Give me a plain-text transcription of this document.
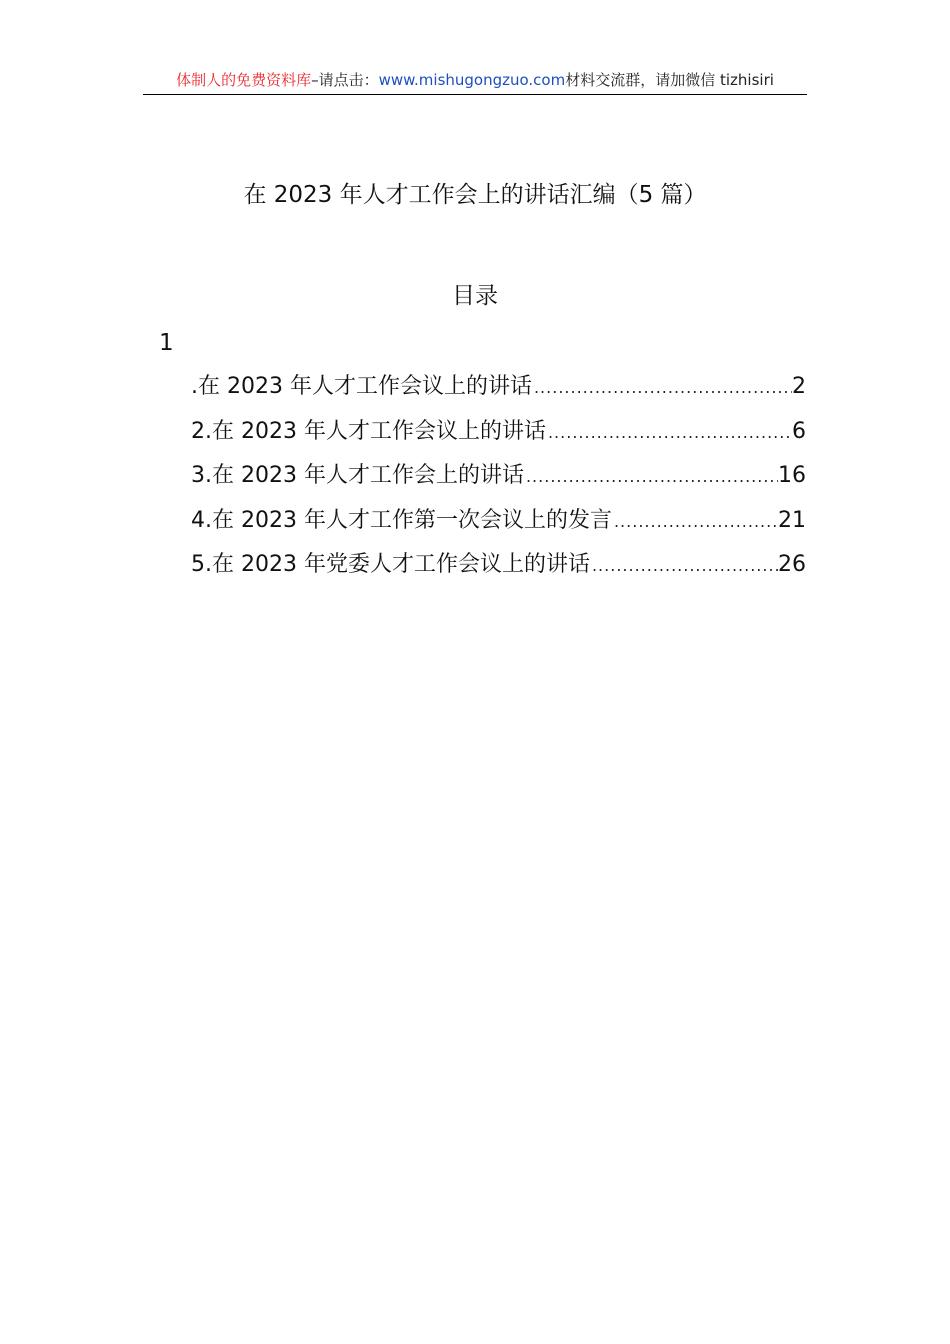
体制人的免费资料库–请点击：www.mishugongzuo.com材料交流群，请加微信 tizhisiri
在 2023 年人才工作会上的讲话汇编（5 篇）
目录
1
.在 2023 年人才工作会议上的讲话 .....	2
2.在 2023 年人才工作会议上的讲话 .....	6
3.在 2023 年人才工作会上的讲话 .....	16
4.在 2023 年人才工作第一次会议上的发言 .....	21
5.在 2023 年党委人才工作会议上的讲话 .....	26
